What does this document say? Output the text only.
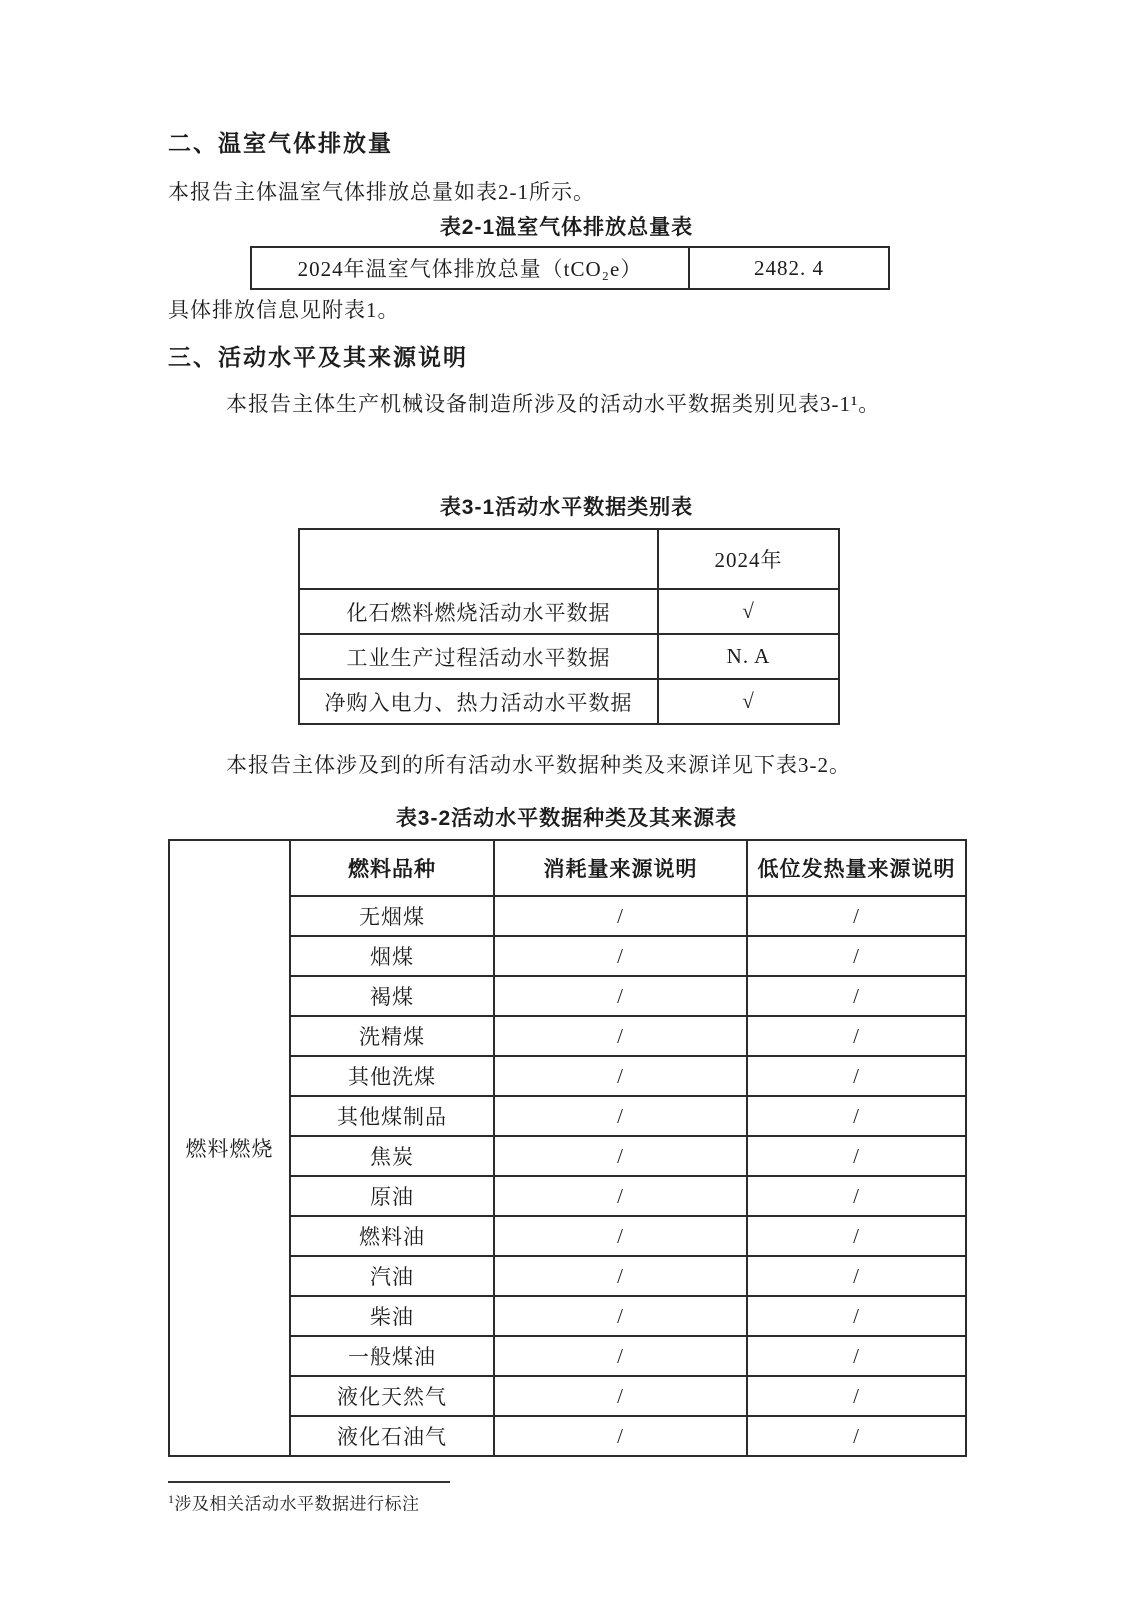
二、温室气体排放量

本报告主体温室气体排放总量如表2-1所示。

表2-1温室气体排放总量表
2024年温室气体排放总量（tCO₂e）	2482. 4

具体排放信息见附表1。

三、活动水平及其来源说明

本报告主体生产机械设备制造所涉及的活动水平数据类别见表3-1¹。

表3-1活动水平数据类别表
	2024年
化石燃料燃烧活动水平数据	√
工业生产过程活动水平数据	N. A
净购入电力、热力活动水平数据	√

本报告主体涉及到的所有活动水平数据种类及来源详见下表3-2。

表3-2活动水平数据种类及其来源表
燃料燃烧	燃料品种	消耗量来源说明	低位发热量来源说明
	无烟煤	/	/
	烟煤	/	/
	褐煤	/	/
	洗精煤	/	/
	其他洗煤	/	/
	其他煤制品	/	/
	焦炭	/	/
	原油	/	/
	燃料油	/	/
	汽油	/	/
	柴油	/	/
	一般煤油	/	/
	液化天然气	/	/
	液化石油气	/	/

$^1$涉及相关活动水平数据进行标注
